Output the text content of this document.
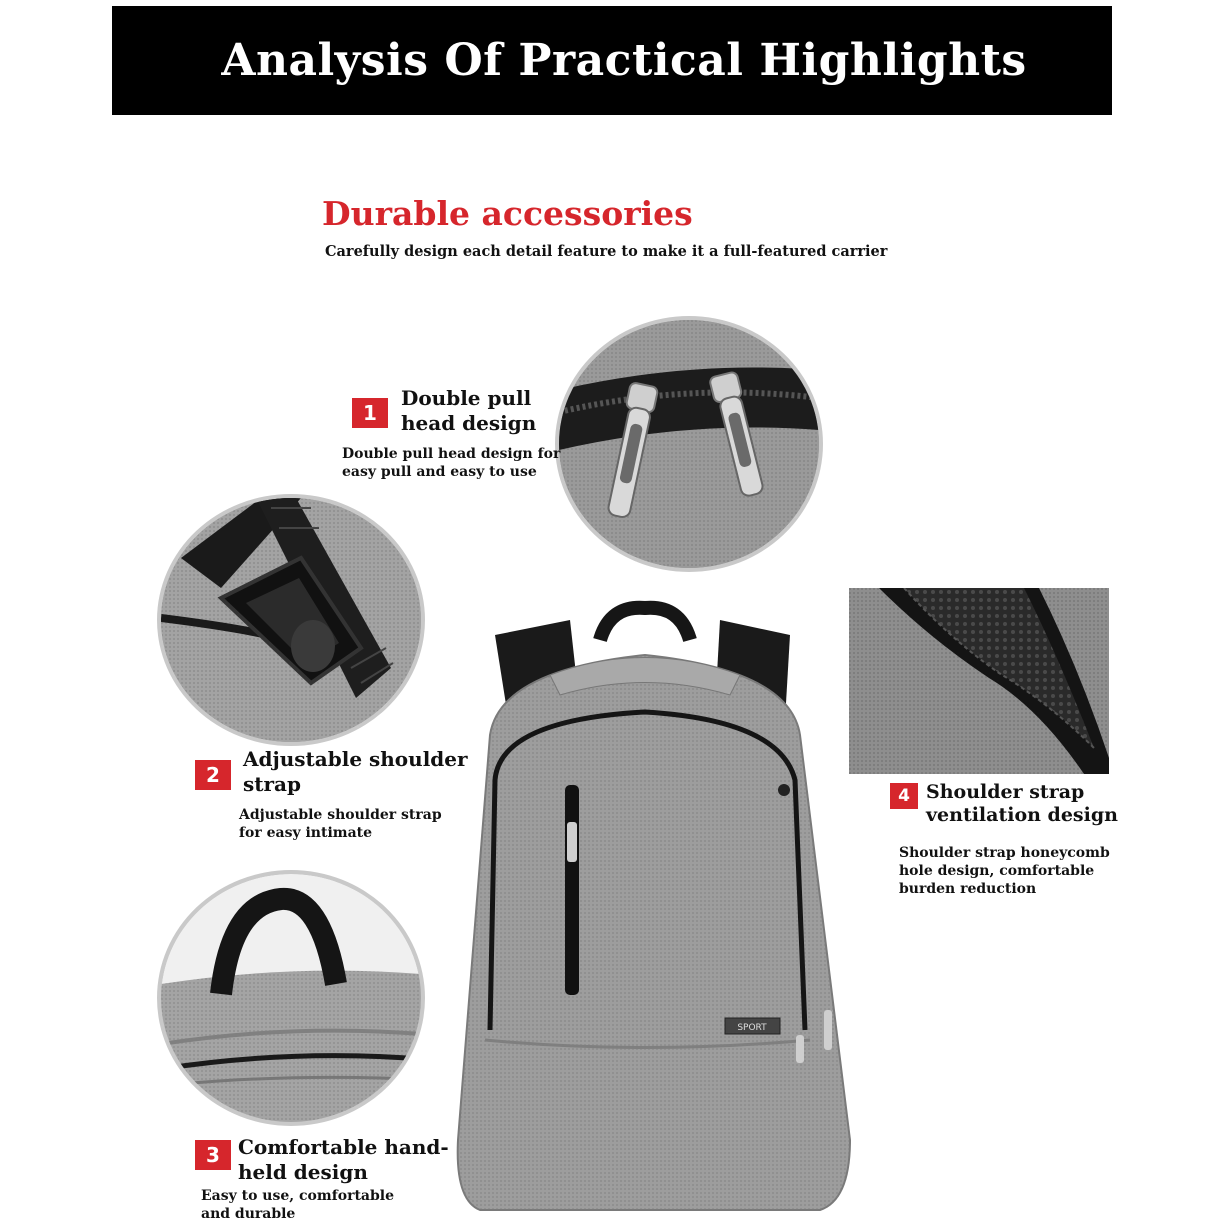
Analysis Of Practical Highlights
Durable accessories
Carefully design each detail feature to make it a full-featured carrier
SPORT
1
Double pull
head design
Double pull head design for
easy pull and easy to use
2
Adjustable shoulder
strap
Adjustable shoulder strap
for easy intimate
3 Comfortable hand-
held design
Easy to use, comfortable
and durable
4 Shoulder strap
ventilation design
Shoulder strap honeycomb
hole design, comfortable
burden reduction
